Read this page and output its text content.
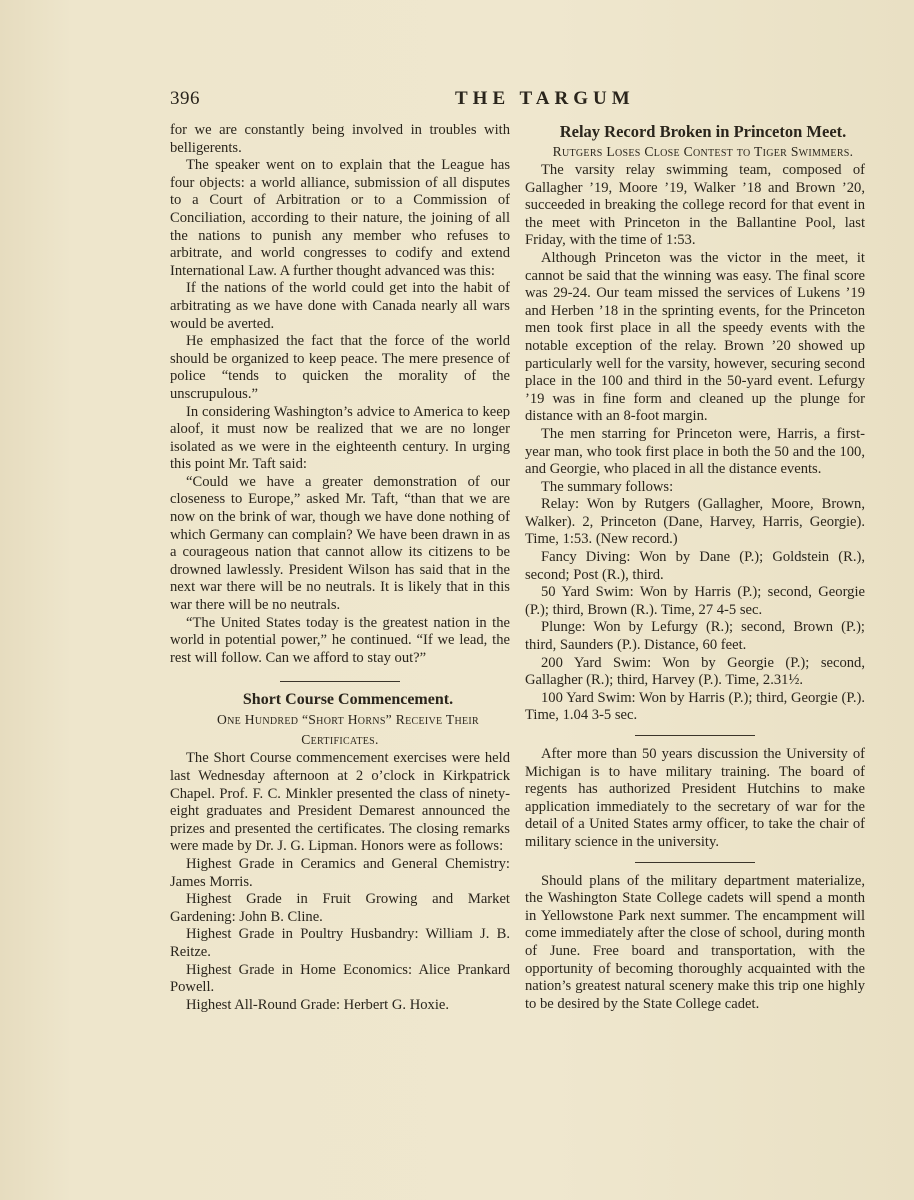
396	THE TARGUM

for we are constantly being involved in troubles with belligerents.

The speaker went on to explain that the League has four objects: a world alliance, submission of all disputes to a Court of Arbitration or to a Commission of Conciliation, according to their nature, the joining of all the nations to punish any member who refuses to arbitrate, and world congresses to codify and extend International Law. A further thought advanced was this:

If the nations of the world could get into the habit of arbitrating as we have done with Canada nearly all wars would be averted.

He emphasized the fact that the force of the world should be organized to keep peace. The mere presence of police “tends to quicken the morality of the unscrupulous.”

In considering Washington’s advice to America to keep aloof, it must now be realized that we are no longer isolated as we were in the eighteenth century. In urging this point Mr. Taft said:

“Could we have a greater demonstration of our closeness to Europe,” asked Mr. Taft, “than that we are now on the brink of war, though we have done nothing of which Germany can complain? We have been drawn in as a courageous nation that cannot allow its citizens to be drowned lawlessly. President Wilson has said that in the next war there will be no neutrals. It is likely that in this war there will be no neutrals.

“The United States today is the greatest nation in the world in potential power,” he continued. “If we lead, the rest will follow. Can we afford to stay out?”

Short Course Commencement.

One Hundred “Short Horns” Receive Their Certificates.

The Short Course commencement exercises were held last Wednesday afternoon at 2 o’clock in Kirkpatrick Chapel. Prof. F. C. Minkler presented the class of ninety-eight graduates and President Demarest announced the prizes and presented the certificates. The closing remarks were made by Dr. J. G. Lipman. Honors were as follows:

Highest Grade in Ceramics and General Chemistry: James Morris.

Highest Grade in Fruit Growing and Market Gardening: John B. Cline.

Highest Grade in Poultry Husbandry: William J. B. Reitze.

Highest Grade in Home Economics: Alice Prankard Powell.

Highest All-Round Grade: Herbert G. Hoxie.

Relay Record Broken in Princeton Meet.

Rutgers Loses Close Contest to Tiger Swimmers.

The varsity relay swimming team, composed of Gallagher ’19, Moore ’19, Walker ’18 and Brown ’20, succeeded in breaking the college record for that event in the meet with Princeton in the Ballantine Pool, last Friday, with the time of 1:53.

Although Princeton was the victor in the meet, it cannot be said that the winning was easy. The final score was 29-24. Our team missed the services of Lukens ’19 and Herben ’18 in the sprinting events, for the Princeton men took first place in all the speedy events with the notable exception of the relay. Brown ’20 showed up particularly well for the varsity, however, securing second place in the 100 and third in the 50-yard event. Lefurgy ’19 was in fine form and cleaned up the plunge for distance with an 8-foot margin.

The men starring for Princeton were, Harris, a first-year man, who took first place in both the 50 and the 100, and Georgie, who placed in all the distance events.

The summary follows:

Relay: Won by Rutgers (Gallagher, Moore, Brown, Walker). 2, Princeton (Dane, Harvey, Harris, Georgie). Time, 1:53. (New record.)

Fancy Diving: Won by Dane (P.); Goldstein (R.), second; Post (R.), third.

50 Yard Swim: Won by Harris (P.); second, Georgie (P.); third, Brown (R.). Time, 27 4-5 sec.

Plunge: Won by Lefurgy (R.); second, Brown (P.); third, Saunders (P.). Distance, 60 feet.

200 Yard Swim: Won by Georgie (P.); second, Gallagher (R.); third, Harvey (P.). Time, 2.31½.

100 Yard Swim: Won by Harris (P.); third, Georgie (P.). Time, 1.04 3-5 sec.

After more than 50 years discussion the University of Michigan is to have military training. The board of regents has authorized President Hutchins to make application immediately to the secretary of war for the detail of a United States army officer, to take the chair of military science in the university.

Should plans of the military department materialize, the Washington State College cadets will spend a month in Yellowstone Park next summer. The encampment will come immediately after the close of school, during month of June. Free board and transportation, with the opportunity of becoming thoroughly acquainted with the nation’s greatest natural scenery make this trip one highly to be desired by the State College cadet.
